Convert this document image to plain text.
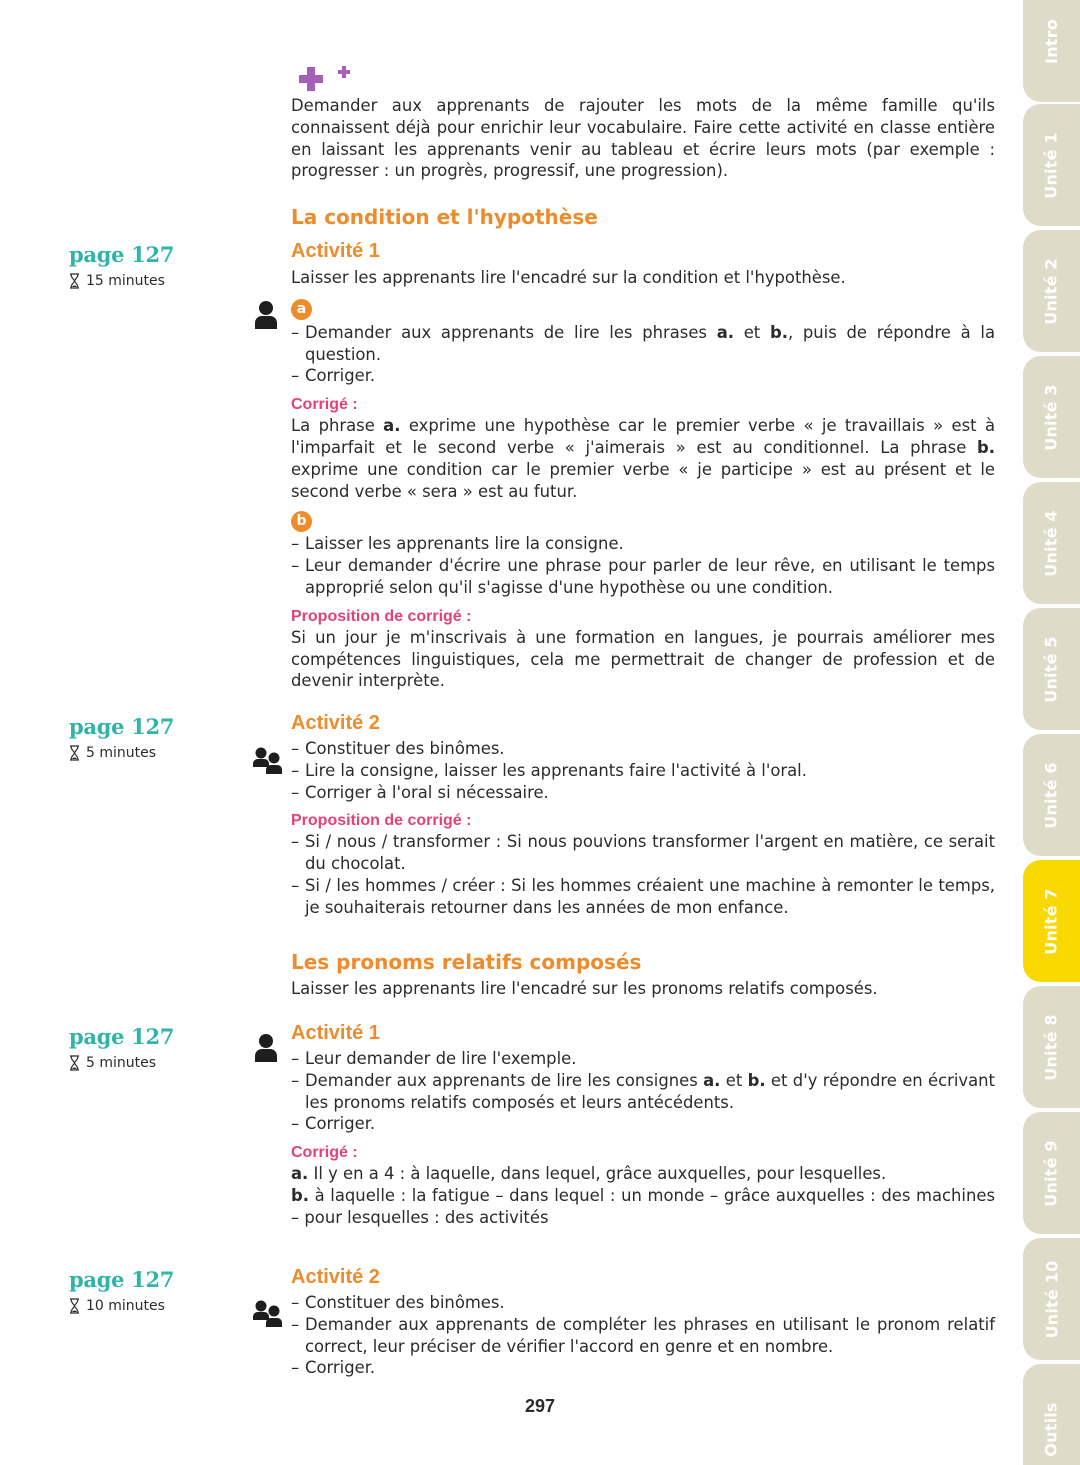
Demander aux apprenants de rajouter les mots de la même famille qu'ils connaissent déjà pour enrichir leur vocabulaire. Faire cette activité en classe entière en laissant les apprenants venir au tableau et écrire leurs mots (par exemple : progresser : un progrès, progressif, une progression).

La condition et l'hypothèse
page 127
15 minutes
Activité 1

Laisser les apprenants lire l'encadré sur la condition et l'hypothèse.

a
– Demander aux apprenants de lire les phrases a. et b., puis de répondre à la question.
– Corriger.
Corrigé :

La phrase a. exprime une hypothèse car le premier verbe « je travaillais » est à l'imparfait et le second verbe « j'aimerais » est au conditionnel. La phrase b. exprime une condition car le premier verbe « je participe » est au présent et le second verbe « sera » est au futur.

b
– Laisser les apprenants lire la consigne.
– Leur demander d'écrire une phrase pour parler de leur rêve, en utilisant le temps approprié selon qu'il s'agisse d'une hypothèse ou une condition.
Proposition de corrigé :

Si un jour je m'inscrivais à une formation en langues, je pourrais améliorer mes compétences linguistiques, cela me permettrait de changer de profession et de devenir interprète.

page 127
5 minutes
Activité 2
– Constituer des binômes.
– Lire la consigne, laisser les apprenants faire l'activité à l'oral.
– Corriger à l'oral si nécessaire.
Proposition de corrigé :
– Si / nous / transformer : Si nous pouvions transformer l'argent en matière, ce serait du chocolat.
– Si / les hommes / créer : Si les hommes créaient une machine à remonter le temps, je souhaiterais retourner dans les années de mon enfance.
Les pronoms relatifs composés

Laisser les apprenants lire l'encadré sur les pronoms relatifs composés.

page 127
5 minutes
Activité 1
– Leur demander de lire l'exemple.
– Demander aux apprenants de lire les consignes a. et b. et d'y répondre en écrivant les pronoms relatifs composés et leurs antécédents.
– Corriger.
Corrigé :

a. Il y en a 4 : à laquelle, dans lequel, grâce auxquelles, pour lesquelles.

b. à laquelle : la fatigue – dans lequel : un monde – grâce auxquelles : des machines – pour lesquelles : des activités

page 127
10 minutes
Activité 2
– Constituer des binômes.
– Demander aux apprenants de compléter les phrases en utilisant le pronom relatif correct, leur préciser de vérifier l'accord en genre et en nombre.
– Corriger.
297
Intro
Unité 1
Unité 2
Unité 3
Unité 4
Unité 5
Unité 6
Unité 7
Unité 8
Unité 9
Unité 10
Outils
